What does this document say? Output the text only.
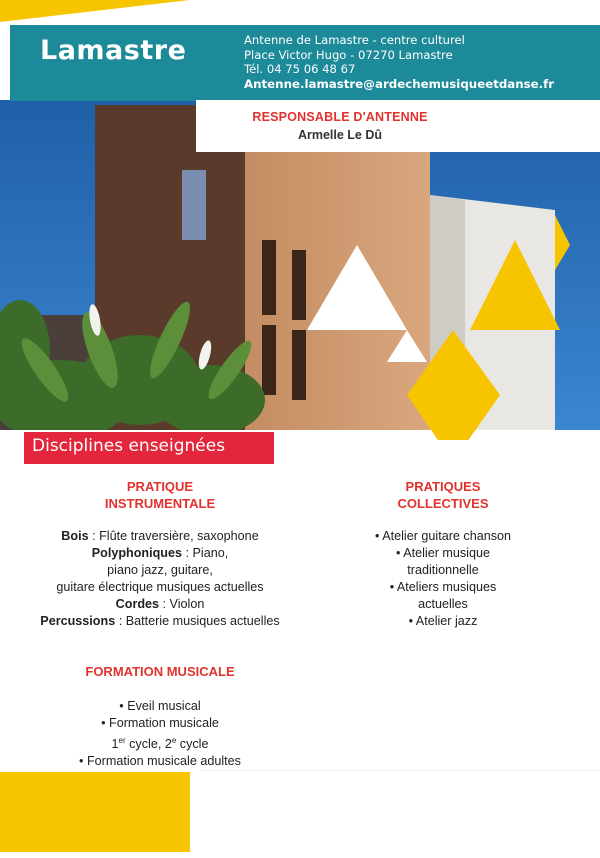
Lamastre	Antenne de Lamastre - centre culturel
Place Victor Hugo - 07270 Lamastre
Tél. 04 75 06 48 67
Antenne.lamastre@ardechemusiqueetdanse.fr
RESPONSABLE D'ANTENNE
Armelle Le Dû
Disciplines enseignées
PRATIQUE
INSTRUMENTALE
Bois : Flûte traversière, saxophone
Polyphoniques : Piano,
piano jazz, guitare,
guitare électrique musiques actuelles
Cordes : Violon
Percussions : Batterie musiques actuelles
PRATIQUES
COLLECTIVES
• Atelier guitare chanson
• Atelier musique
traditionnelle
• Ateliers musiques
actuelles
• Atelier jazz
FORMATION MUSICALE
• Eveil musical
• Formation musicale
1er cycle, 2e cycle
• Formation musicale adultes
